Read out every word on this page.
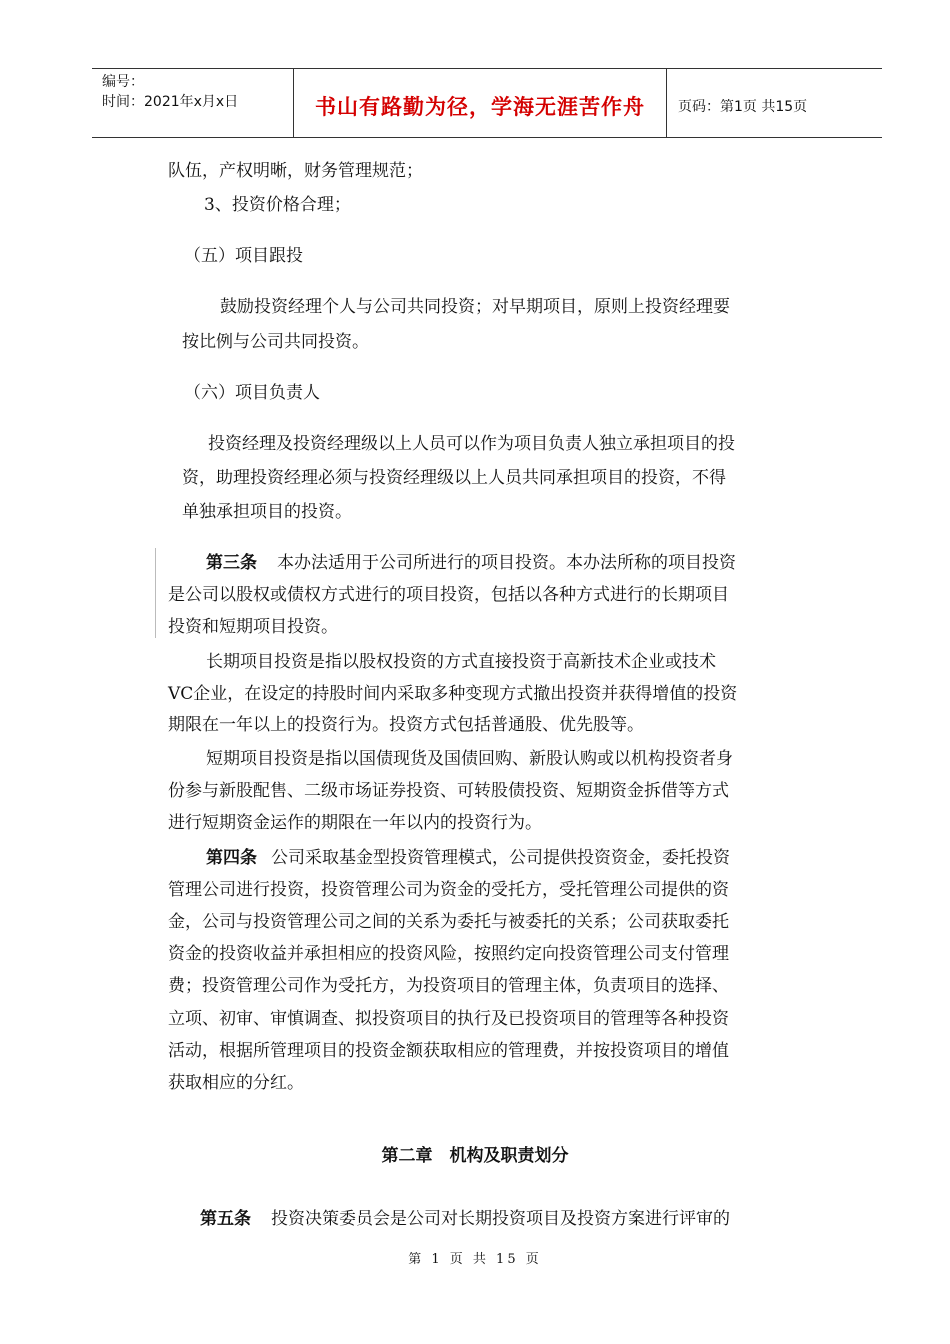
编号：
时间：2021年x月x日	书山有路勤为径，学海无涯苦作舟	页码：第1页 共15页
队伍，产权明晰，财务管理规范；
3、投资价格合理；
（五）项目跟投
鼓励投资经理个人与公司共同投资；对早期项目，原则上投资经理要
按比例与公司共同投资。
（六）项目负责人
投资经理及投资经理级以上人员可以作为项目负责人独立承担项目的投
资，助理投资经理必须与投资经理级以上人员共同承担项目的投资，不得
单独承担项目的投资。
第三条 本办法适用于公司所进行的项目投资。本办法所称的项目投资
是公司以股权或债权方式进行的项目投资，包括以各种方式进行的长期项目
投资和短期项目投资。
长期项目投资是指以股权投资的方式直接投资于高新技术企业或技术
VC企业，在设定的持股时间内采取多种变现方式撤出投资并获得增值的投资
期限在一年以上的投资行为。投资方式包括普通股、优先股等。
短期项目投资是指以国债现货及国债回购、新股认购或以机构投资者身
份参与新股配售、二级市场证券投资、可转股债投资、短期资金拆借等方式
进行短期资金运作的期限在一年以内的投资行为。
第四条 公司采取基金型投资管理模式，公司提供投资资金，委托投资
管理公司进行投资，投资管理公司为资金的受托方，受托管理公司提供的资
金，公司与投资管理公司之间的关系为委托与被委托的关系；公司获取委托
资金的投资收益并承担相应的投资风险，按照约定向投资管理公司支付管理
费；投资管理公司作为受托方，为投资项目的管理主体，负责项目的选择、
立项、初审、审慎调查、拟投资项目的执行及已投资项目的管理等各种投资
活动，根据所管理项目的投资金额获取相应的管理费，并按投资项目的增值
获取相应的分红。
第二章　机构及职责划分
第五条 投资决策委员会是公司对长期投资项目及投资方案进行评审的
第 1 页 共 15 页
